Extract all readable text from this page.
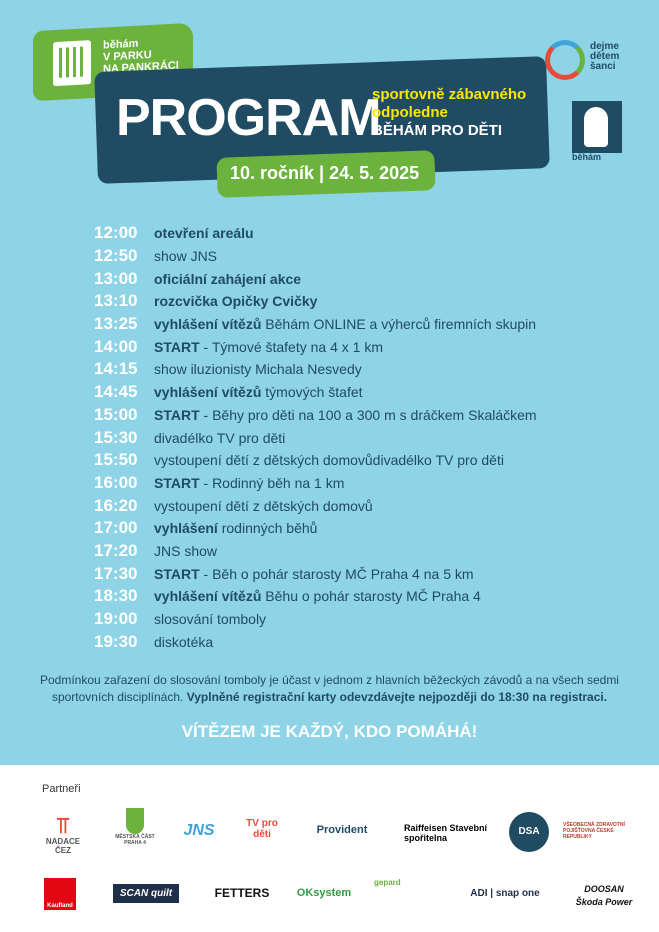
běhám
V PARKU
NA PANKRÁCI
PROGRAM
sportovně zábavného
odpoledne
BĚHÁM PRO DĚTI
10. ročník | 24. 5. 2025
dejme
dětem
šanci
běhám
12:00	otevření areálu
12:50	show JNS
13:00	oficiální zahájení akce
13:10	rozcvička Opičky Cvičky
13:25	vyhlášení vítězů Běhám ONLINE a výherců firemních skupin
14:00	START - Týmové štafety na 4 x 1 km
14:15	show iluzionisty Michala Nesvedy
14:45	vyhlášení vítězů týmových štafet
15:00	START - Běhy pro děti na 100 a 300 m s dráčkem Skaláčkem
15:30	divadélko TV pro děti
15:50	vystoupení dětí z dětských domovůdivadélko TV pro děti
16:00	START - Rodinný běh na 1 km
16:20	vystoupení dětí z dětských domovů
17:00	vyhlášení rodinných běhů
17:20	JNS show
17:30	START - Běh o pohár starosty MČ Praha 4 na 5 km
18:30	vyhlášení vítězů Běhu o pohár starosty MČ Praha 4
19:00	slosování tomboly
19:30	diskotéka
Podmínkou zařazení do slosování tomboly je účast v jednom z hlavních běžeckých závodů a na všech sedmi sportovních disciplínách. Vyplněné registrační karty odevzdávejte nejpozději do 18:30 na registraci.
VÍTĚZEM JE KAŽDÝ, KDO POMÁHÁ!
Partneři
⫪
NADACE ČEZ
MĚSTSKÁ ČÁST PRAHA 4
JNS	TV pro děti	Provident	Raiffeisen Stavební spořitelna
DSA
VŠEOBECNÁ ZDRAVOTNÍ POJIŠŤOVNA ČESKÉ REPUBLIKY
Kaufland
SCAN quilt	FETTERS OKsystem
gepard
ADI | snap one	DOOSAN Škoda Power
